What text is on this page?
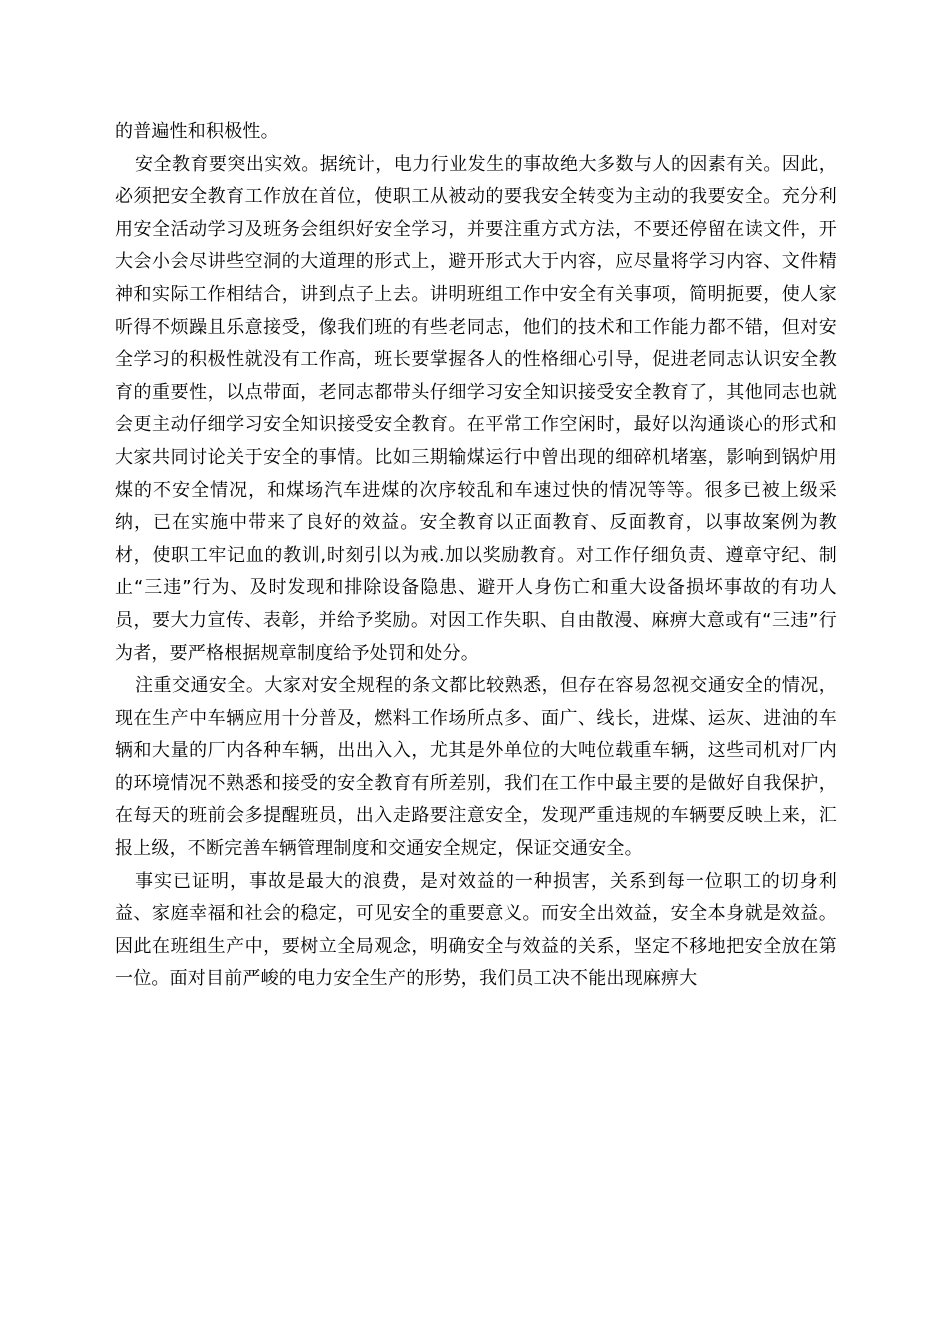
的普遍性和积极性。

安全教育要突出实效。据统计，电力行业发生的事故绝大多数与人的因素有关。因此，必须把安全教育工作放在首位，使职工从被动的要我安全转变为主动的我要安全。充分利用安全活动学习及班务会组织好安全学习，并要注重方式方法，不要还停留在读文件，开大会小会尽讲些空洞的大道理的形式上，避开形式大于内容，应尽量将学习内容、文件精神和实际工作相结合，讲到点子上去。讲明班组工作中安全有关事项，简明扼要，使人家听得不烦躁且乐意接受，像我们班的有些老同志，他们的技术和工作能力都不错，但对安全学习的积极性就没有工作高，班长要掌握各人的性格细心引导，促进老同志认识安全教育的重要性，以点带面，老同志都带头仔细学习安全知识接受安全教育了，其他同志也就会更主动仔细学习安全知识接受安全教育。在平常工作空闲时，最好以沟通谈心的形式和大家共同讨论关于安全的事情。比如三期输煤运行中曾出现的细碎机堵塞，影响到锅炉用煤的不安全情况，和煤场汽车进煤的次序较乱和车速过快的情况等等。很多已被上级采纳，已在实施中带来了良好的效益。安全教育以正面教育、反面教育，以事故案例为教材，使职工牢记血的教训,时刻引以为戒.加以奖励教育。对工作仔细负责、遵章守纪、制止“三违”行为、及时发现和排除设备隐患、避开人身伤亡和重大设备损坏事故的有功人员，要大力宣传、表彰，并给予奖励。对因工作失职、自由散漫、麻痹大意或有“三违”行为者，要严格根据规章制度给予处罚和处分。

注重交通安全。大家对安全规程的条文都比较熟悉，但存在容易忽视交通安全的情况，现在生产中车辆应用十分普及，燃料工作场所点多、面广、线长，进煤、运灰、进油的车辆和大量的厂内各种车辆，出出入入，尤其是外单位的大吨位载重车辆，这些司机对厂内的环境情况不熟悉和接受的安全教育有所差别，我们在工作中最主要的是做好自我保护，在每天的班前会多提醒班员，出入走路要注意安全，发现严重违规的车辆要反映上来，汇报上级，不断完善车辆管理制度和交通安全规定，保证交通安全。

事实已证明，事故是最大的浪费，是对效益的一种损害，关系到每一位职工的切身利益、家庭幸福和社会的稳定，可见安全的重要意义。而安全出效益，安全本身就是效益。因此在班组生产中，要树立全局观念，明确安全与效益的关系，坚定不移地把安全放在第一位。面对目前严峻的电力安全生产的形势，我们员工决不能出现麻痹大
